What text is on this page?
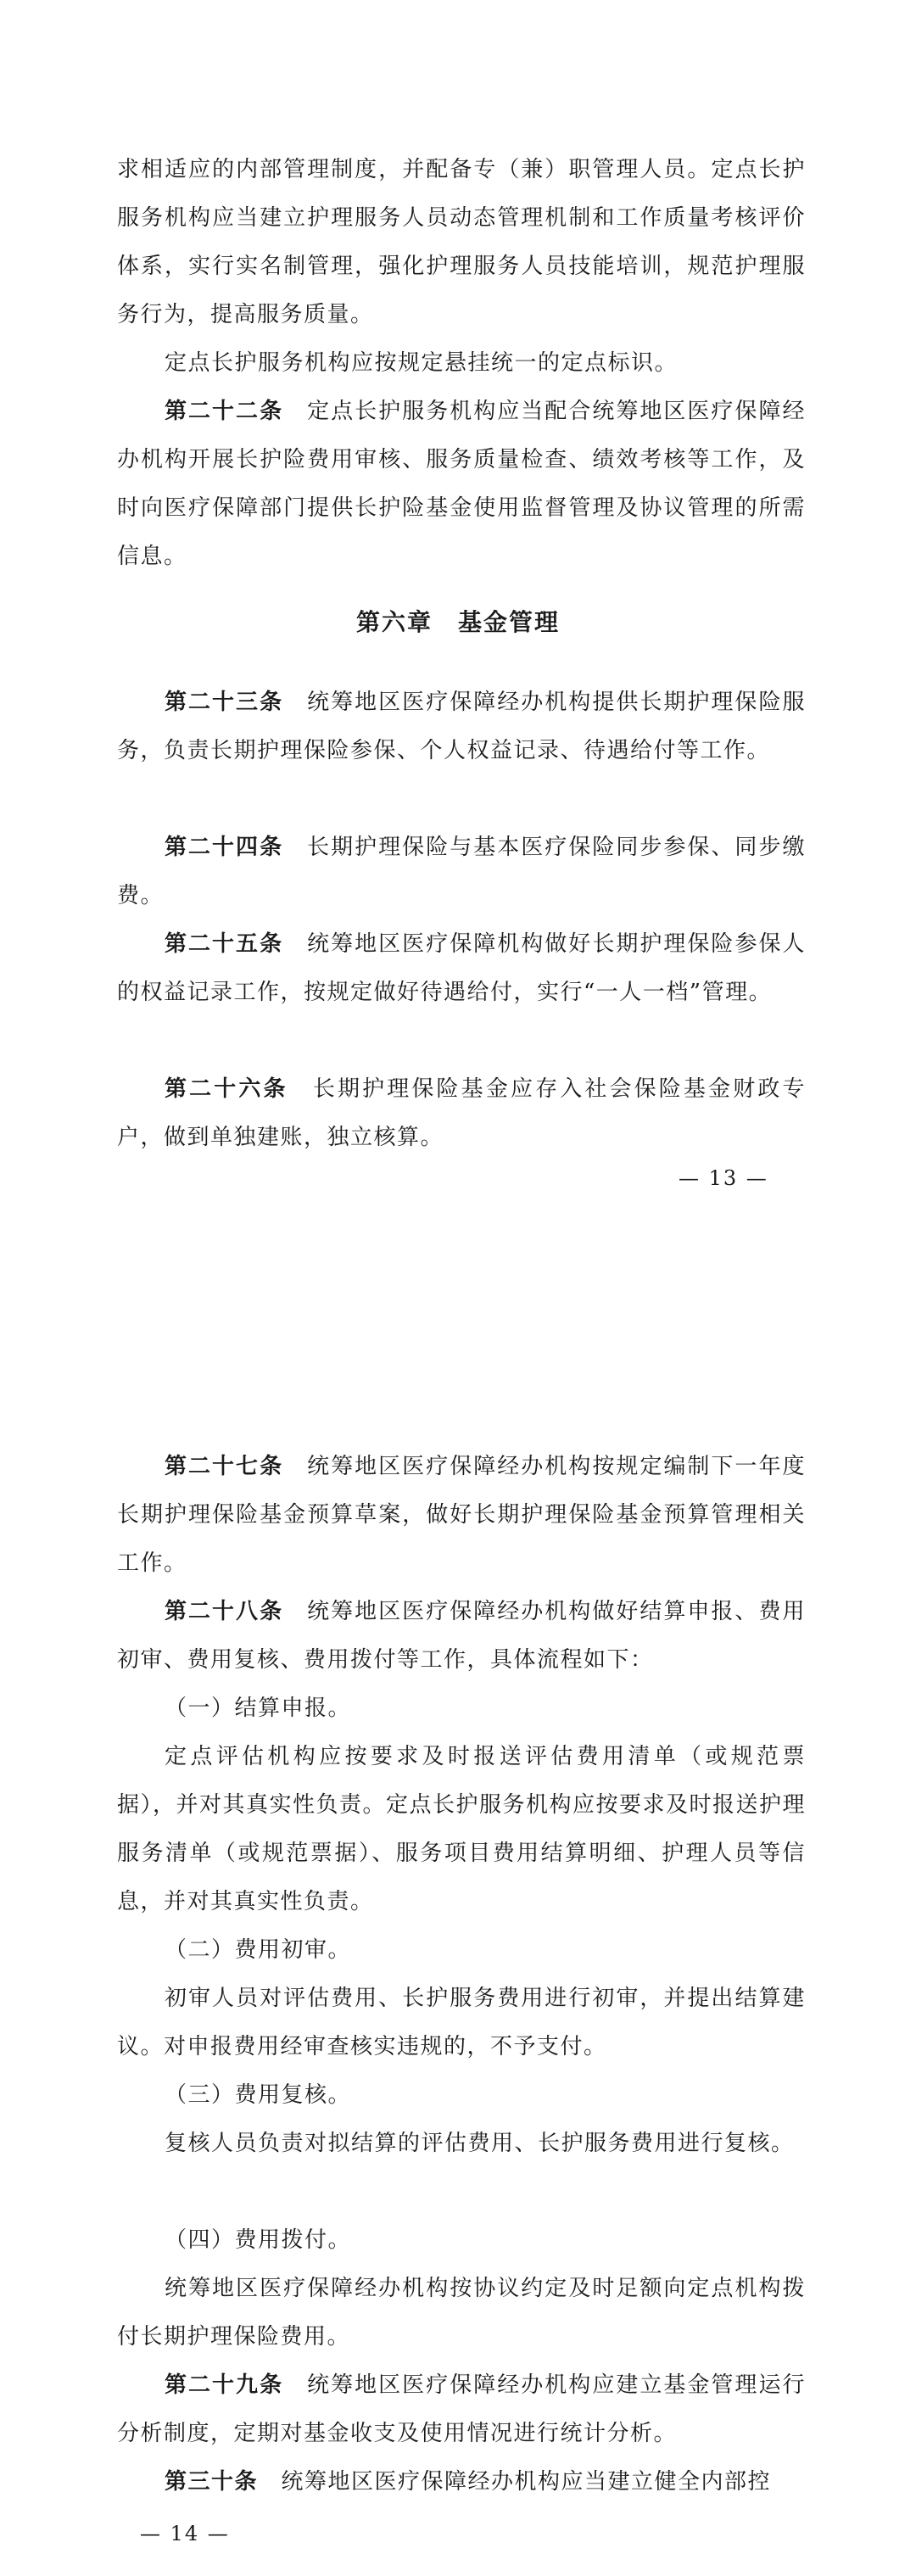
求相适应的内部管理制度，并配备专（兼）职管理人员。定点长护服务机构应当建立护理服务人员动态管理机制和工作质量考核评价体系，实行实名制管理，强化护理服务人员技能培训，规范护理服务行为，提高服务质量。

定点长护服务机构应按规定悬挂统一的定点标识。

第二十二条　定点长护服务机构应当配合统筹地区医疗保障经办机构开展长护险费用审核、服务质量检查、绩效考核等工作，及时向医疗保障部门提供长护险基金使用监督管理及协议管理的所需信息。

第六章　基金管理

第二十三条　统筹地区医疗保障经办机构提供长期护理保险服务，负责长期护理保险参保、个人权益记录、待遇给付等工作。

第二十四条　长期护理保险与基本医疗保险同步参保、同步缴费。

第二十五条　统筹地区医疗保障机构做好长期护理保险参保人的权益记录工作，按规定做好待遇给付，实行“一人一档”管理。

第二十六条　长期护理保险基金应存入社会保险基金财政专户，做到单独建账，独立核算。

— 13 —

第二十七条　统筹地区医疗保障经办机构按规定编制下一年度长期护理保险基金预算草案，做好长期护理保险基金预算管理相关工作。

第二十八条　统筹地区医疗保障经办机构做好结算申报、费用初审、费用复核、费用拨付等工作，具体流程如下：

（一）结算申报。

定点评估机构应按要求及时报送评估费用清单（或规范票据），并对其真实性负责。定点长护服务机构应按要求及时报送护理服务清单（或规范票据）、服务项目费用结算明细、护理人员等信息，并对其真实性负责。

（二）费用初审。

初审人员对评估费用、长护服务费用进行初审，并提出结算建议。对申报费用经审查核实违规的，不予支付。

（三）费用复核。

复核人员负责对拟结算的评估费用、长护服务费用进行复核。

（四）费用拨付。

统筹地区医疗保障经办机构按协议约定及时足额向定点机构拨付长期护理保险费用。

第二十九条　统筹地区医疗保障经办机构应建立基金管理运行分析制度，定期对基金收支及使用情况进行统计分析。

第三十条　统筹地区医疗保障经办机构应当建立健全内部控

— 14 —
